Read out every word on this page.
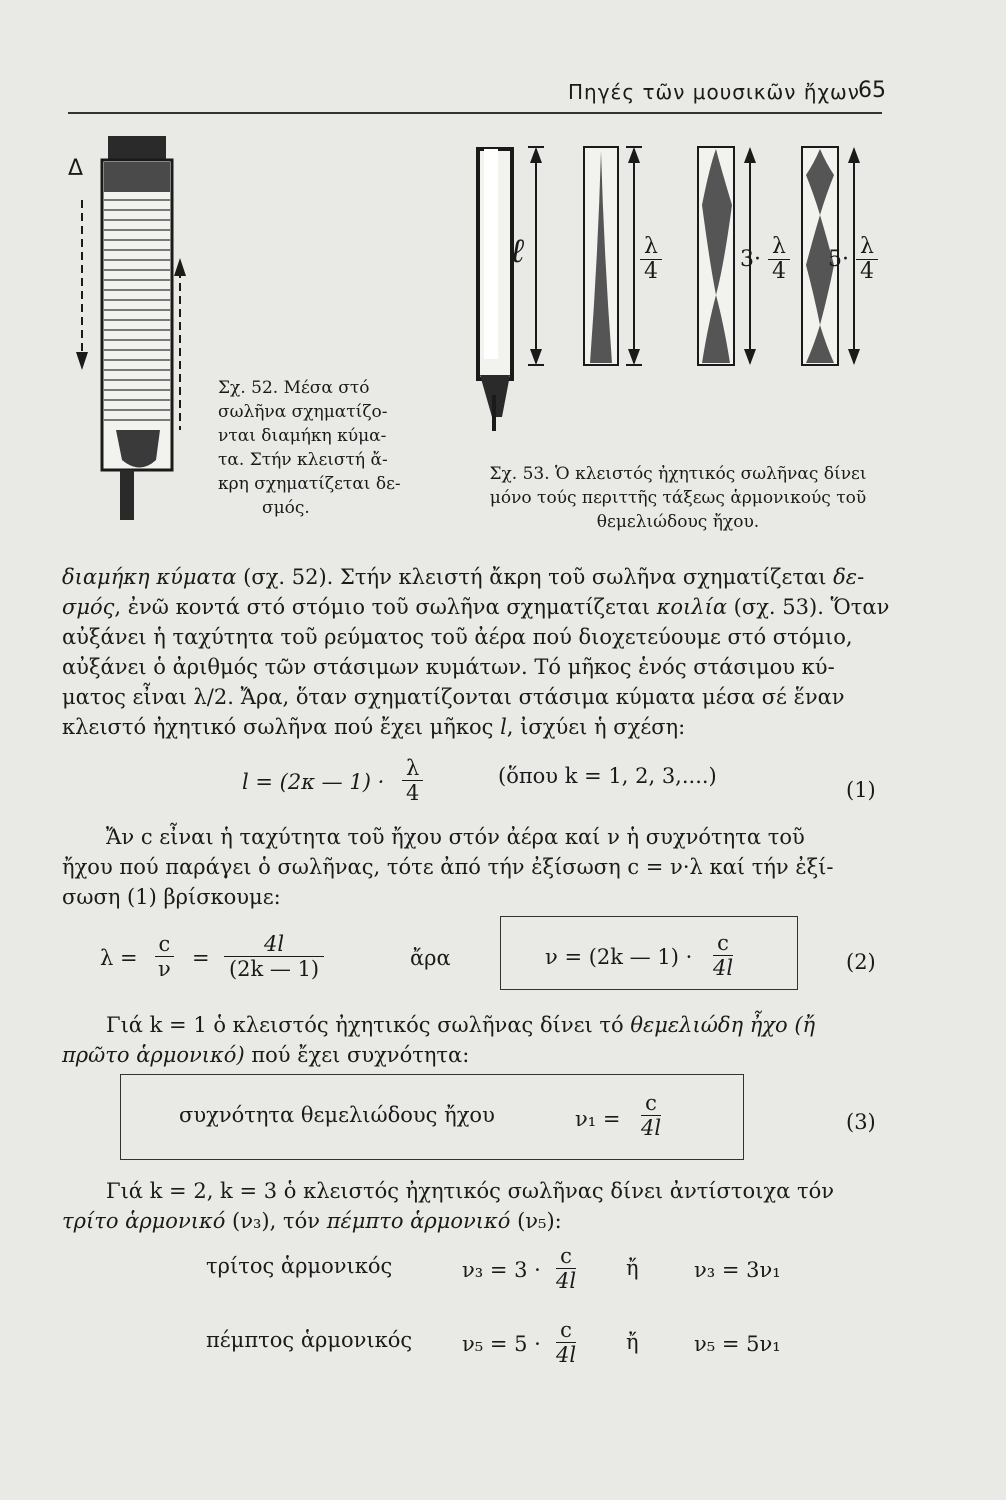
Πηγές τῶν μουσικῶν ἤχων
65
Δ
Σχ. 52. Μέσα στό
σωλῆνα σχηματίζο-
νται διαμήκη κύμα-
τα. Στήν κλειστή ἄ-
κρη σχηματίζεται δε-
σμός.
ℓ	$\frac{\lambda}{4}$	$3\cdot \frac{\lambda}{4} 5\cdot \frac{\lambda}{4}$
Σχ. 53. Ὁ κλειστός ἠχητικός σωλῆνας δίνει
μόνο τούς περιττῆς τάξεως ἁρμονικούς τοῦ
θεμελιώδους ἤχου.
διαμήκη κύματα (σχ. 52). Στήν κλειστή ἄκρη τοῦ σωλῆνα σχηματίζεται δε-
σμός, ἐνῶ κοντά στό στόμιο τοῦ σωλῆνα σχηματίζεται κοιλία (σχ. 53). Ὅταν
αὐξάνει ἡ ταχύτητα τοῦ ρεύματος τοῦ ἀέρα πού διοχετεύουμε στό στόμιο,
αὐξάνει ὁ ἀριθμός τῶν στάσιμων κυμάτων. Τό μῆκος ἑνός στάσιμου κύ-
ματος εἶναι λ/2. Ἄρα, ὅταν σχηματίζονται στάσιμα κύματα μέσα σέ ἕναν
κλειστό ἠχητικό σωλῆνα πού ἔχει μῆκος l, ἰσχύει ἡ σχέση:
l = (2κ — $1) \cdot \frac{\lambda}{4}$	(ὅπου k = 1, 2, 3,....)
(1)
Ἄν c εἶναι ἡ ταχύτητα τοῦ ἤχου στόν ἀέρα καί ν ἡ συχνότητα τοῦ
ἤχου πού παράγει ὁ σωλῆνας, τότε ἀπό τήν ἐξίσωση c = ν·λ καί τήν ἐξί-
σωση (1) βρίσκουμε:
$\lambda = \frac{c}{\nu} = \frac{4l}{(2k — 1)}$	ἄρα	ν = (2k — $1) \cdot \frac{c}{4l}$	(2)
Γιά k = 1 ὁ κλειστός ἠχητικός σωλῆνας δίνει τό θεμελιώδη ἦχο (ἤ
πρῶτο ἁρμονικό) πού ἔχει συχνότητα:
συχνότητα θεμελιώδους ἤχου	$\nu_1 = \frac{c}{4l}$	(3)
Γιά k = 2, k = 3 ὁ κλειστός ἠχητικός σωλῆνας δίνει ἀντίστοιχα τόν
τρίτο ἁρμονικό (ν₃), τόν πέμπτο ἁρμονικό (ν₅):
τρίτος ἁρμονικός	$\nu_3 = 3 \cdot \frac{c}{4l}$ ἤ	ν₃ = 3ν₁
πέμπτος ἁρμονικός $\nu_5 = 5 \cdot \frac{c}{4l}$ ἤ	ν₅ = 5ν₁
